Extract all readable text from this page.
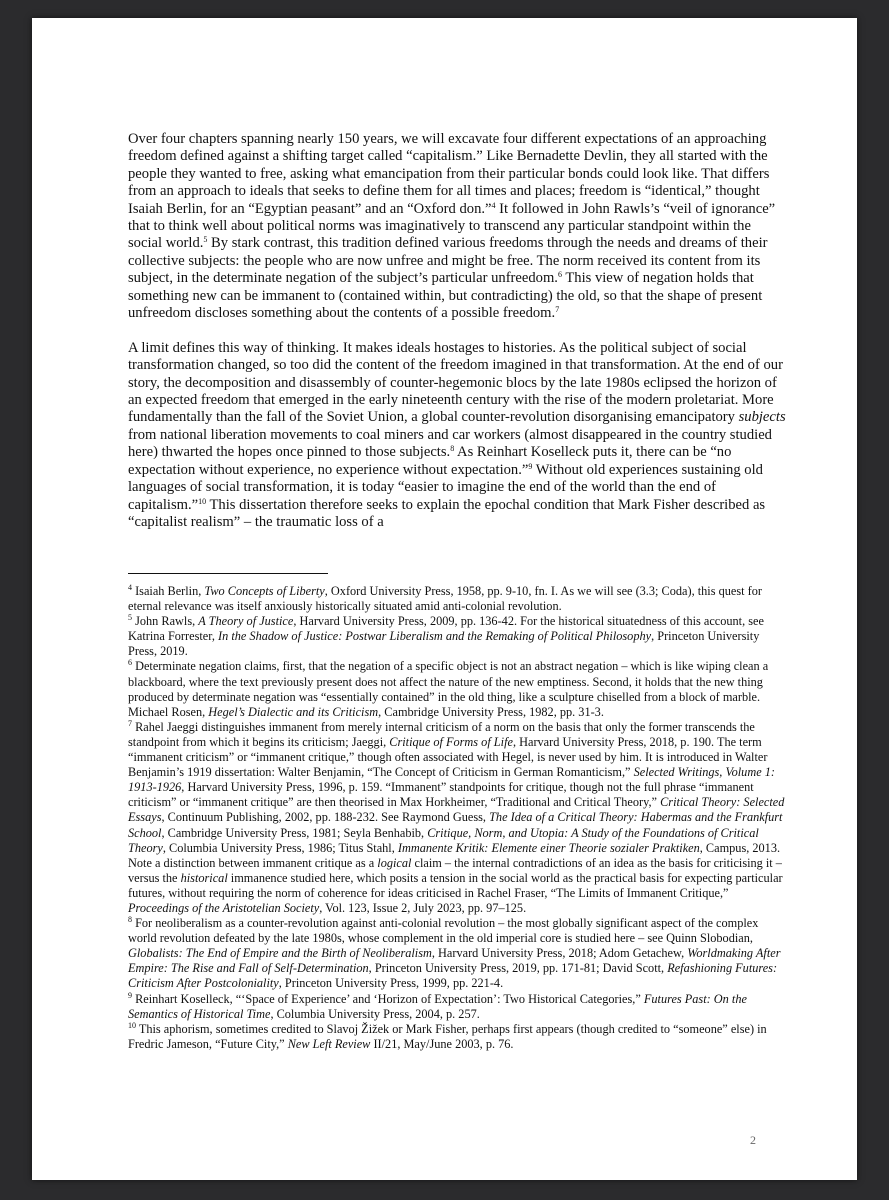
Over four chapters spanning nearly 150 years, we will excavate four different expectations of an approaching freedom defined against a shifting target called “capitalism.” Like Bernadette Devlin, they all started with the people they wanted to free, asking what emancipation from their particular bonds could look like. That differs from an approach to ideals that seeks to define them for all times and places; freedom is “identical,” thought Isaiah Berlin, for an “Egyptian peasant” and an “Oxford don.”$^4$ It followed in John Rawls’s “veil of ignorance” that to think well about political norms was imaginatively to transcend any particular standpoint within the social world.$^5$ By stark contrast, this tradition defined various freedoms through the needs and dreams of their collective subjects: the people who are now unfree and might be free. The norm received its content from its subject, in the determinate negation of the subject’s particular unfreedom.$^6$ This view of negation holds that something new can be immanent to (contained within, but contradicting) the old, so that the shape of present unfreedom discloses something about the contents of a possible freedom.$^7$

A limit defines this way of thinking. It makes ideals hostages to histories. As the political subject of social transformation changed, so too did the content of the freedom imagined in that transformation. At the end of our story, the decomposition and disassembly of counter-hegemonic blocs by the late 1980s eclipsed the horizon of an expected freedom that emerged in the early nineteenth century with the rise of the modern proletariat. More fundamentally than the fall of the Soviet Union, a global counter-revolution disorganising emancipatory subjects from national liberation movements to coal miners and car workers (almost disappeared in the country studied here) thwarted the hopes once pinned to those subjects.$^8$ As Reinhart Koselleck puts it, there can be “no expectation without experience, no experience without expectation.”$^9$ Without old experiences sustaining old languages of social transformation, it is today “easier to imagine the end of the world than the end of capitalism.”$^{10}$ This dissertation therefore seeks to explain the epochal condition that Mark Fisher described as “capitalist realism” – the traumatic loss of a

$^4$ Isaiah Berlin, Two Concepts of Liberty, Oxford University Press, 1958, pp. 9-10, fn. I. As we will see (3.3; Coda), this quest for eternal relevance was itself anxiously historically situated amid anti-colonial revolution.

$^5$ John Rawls, A Theory of Justice, Harvard University Press, 2009, pp. 136-42. For the historical situatedness of this account, see Katrina Forrester, In the Shadow of Justice: Postwar Liberalism and the Remaking of Political Philosophy, Princeton University Press, 2019.

$^6$ Determinate negation claims, first, that the negation of a specific object is not an abstract negation – which is like wiping clean a blackboard, where the text previously present does not affect the nature of the new emptiness. Second, it holds that the new thing produced by determinate negation was “essentially contained” in the old thing, like a sculpture chiselled from a block of marble. Michael Rosen, Hegel’s Dialectic and its Criticism, Cambridge University Press, 1982, pp. 31-3.

$^7$ Rahel Jaeggi distinguishes immanent from merely internal criticism of a norm on the basis that only the former transcends the standpoint from which it begins its criticism; Jaeggi, Critique of Forms of Life, Harvard University Press, 2018, p. 190. The term “immanent criticism” or “immanent critique,” though often associated with Hegel, is never used by him. It is introduced in Walter Benjamin’s 1919 dissertation: Walter Benjamin, “The Concept of Criticism in German Romanticism,” Selected Writings, Volume 1: 1913-1926, Harvard University Press, 1996, p. 159. “Immanent” standpoints for critique, though not the full phrase “immanent criticism” or “immanent critique” are then theorised in Max Horkheimer, “Traditional and Critical Theory,” Critical Theory: Selected Essays, Continuum Publishing, 2002, pp. 188-232. See Raymond Guess, The Idea of a Critical Theory: Habermas and the Frankfurt School, Cambridge University Press, 1981; Seyla Benhabib, Critique, Norm, and Utopia: A Study of the Foundations of Critical Theory, Columbia University Press, 1986; Titus Stahl, Immanente Kritik: Elemente einer Theorie sozialer Praktiken, Campus, 2013. Note a distinction between immanent critique as a logical claim – the internal contradictions of an idea as the basis for criticising it – versus the historical immanence studied here, which posits a tension in the social world as the practical basis for expecting particular futures, without requiring the norm of coherence for ideas criticised in Rachel Fraser, “The Limits of Immanent Critique,” Proceedings of the Aristotelian Society, Vol. 123, Issue 2, July 2023, pp. 97–125.

$^8$ For neoliberalism as a counter-revolution against anti-colonial revolution – the most globally significant aspect of the complex world revolution defeated by the late 1980s, whose complement in the old imperial core is studied here – see Quinn Slobodian, Globalists: The End of Empire and the Birth of Neoliberalism, Harvard University Press, 2018; Adom Getachew, Worldmaking After Empire: The Rise and Fall of Self-Determination, Princeton University Press, 2019, pp. 171-81; David Scott, Refashioning Futures: Criticism After Postcoloniality, Princeton University Press, 1999, pp. 221-4.

$^9$ Reinhart Koselleck, “‘Space of Experience’ and ‘Horizon of Expectation’: Two Historical Categories,” Futures Past: On the Semantics of Historical Time, Columbia University Press, 2004, p. 257.

$^{10}$ This aphorism, sometimes credited to Slavoj Žižek or Mark Fisher, perhaps first appears (though credited to “someone” else) in Fredric Jameson, “Future City,” New Left Review II/21, May/June 2003, p. 76.

2
